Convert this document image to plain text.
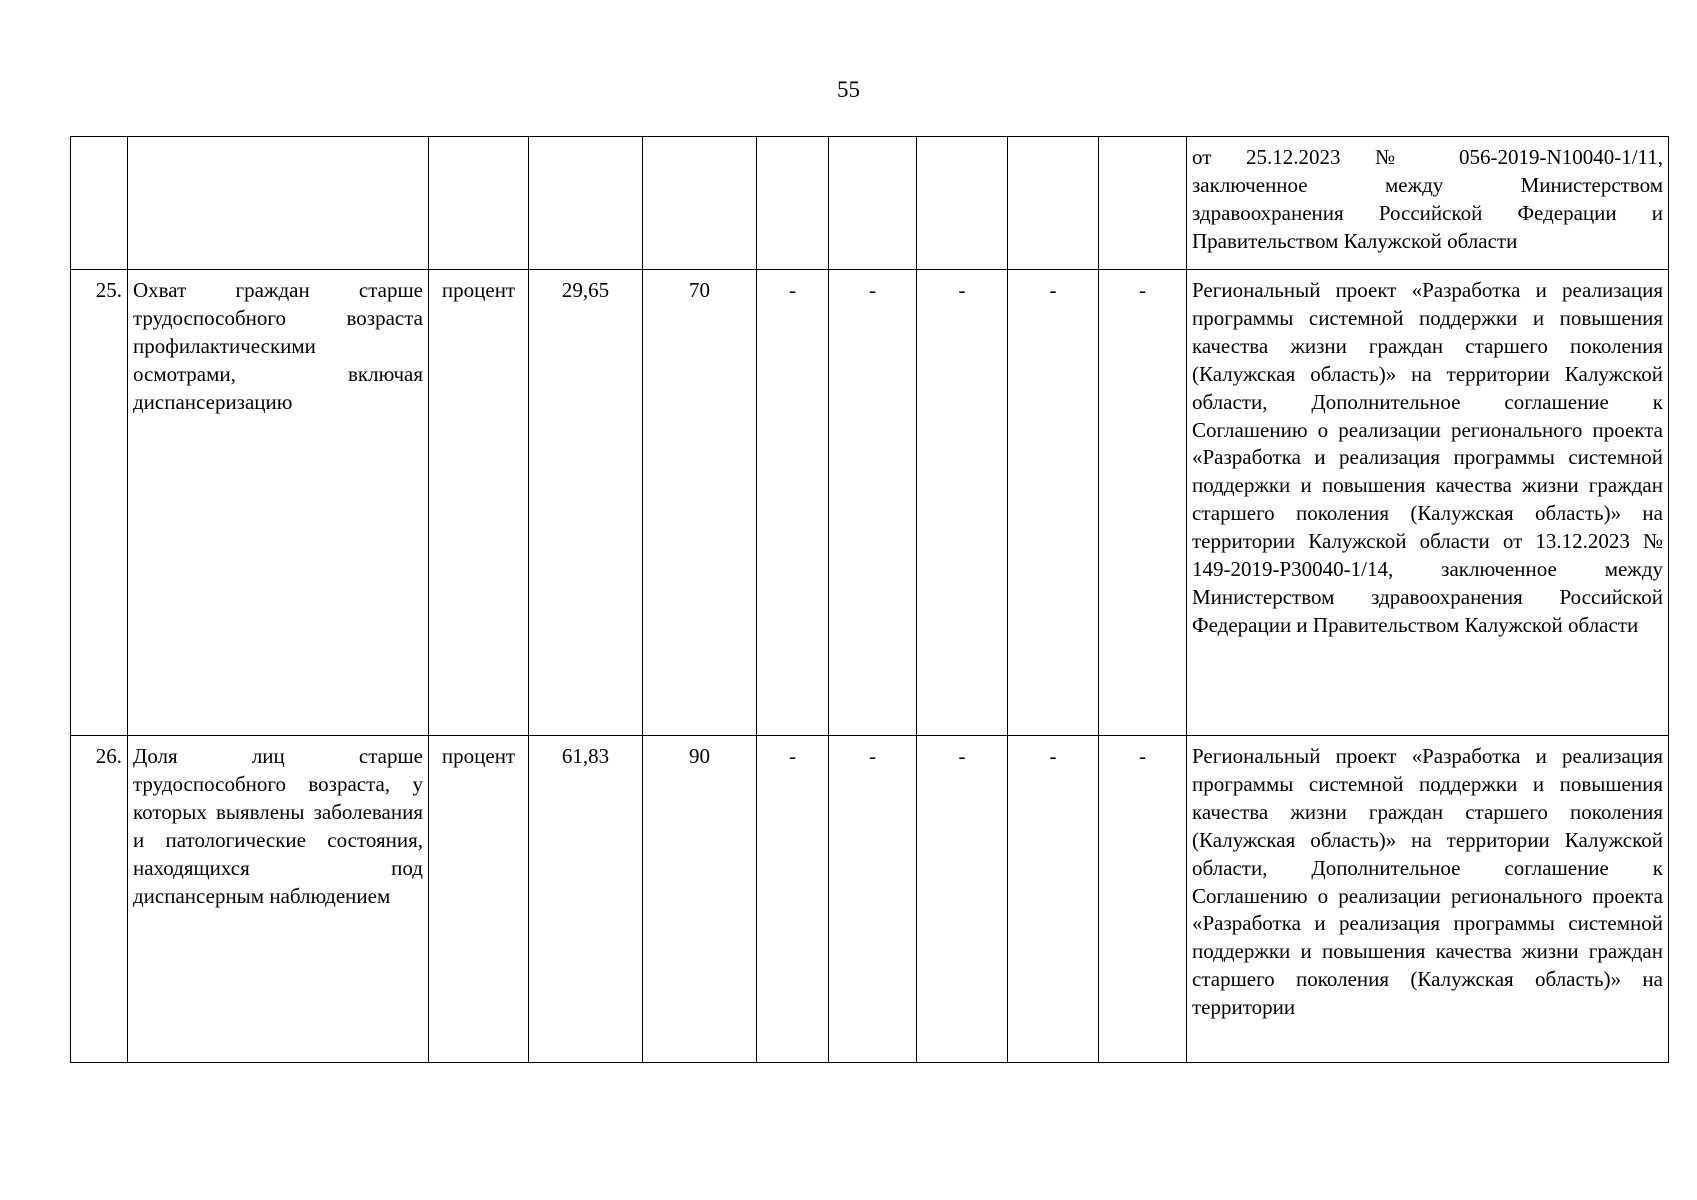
55

										от 25.12.2023 № 056-2019-N10040-1/11, заключенное между Министерством здравоохранения Российской Федерации и Правительством Калужской области

25.	Охват граждан старше трудоспособного возраста профилактическими осмотрами, включая диспансеризацию	процент	29,65	70	-	-	-	-	-	Региональный проект «Разработка и реализация программы системной поддержки и повышения качества жизни граждан старшего поколения (Калужская область)» на территории Калужской области, Дополнительное соглашение к Соглашению о реализации регионального проекта «Разработка и реализация программы системной поддержки и повышения качества жизни граждан старшего поколения (Калужская область)» на территории Калужской области от 13.12.2023 № 149-2019-P30040-1/14, заключенное между Министерством здравоохранения Российской Федерации и Правительством Калужской области

26.	Доля лиц старше трудоспособного возраста, у которых выявлены заболевания и патологические состояния, находящихся под диспансерным наблюдением	процент	61,83	90	-	-	-	-	-	Региональный проект «Разработка и реализация программы системной поддержки и повышения качества жизни граждан старшего поколения (Калужская область)» на территории Калужской области, Дополнительное соглашение к Соглашению о реализации регионального проекта «Разработка и реализация программы системной поддержки и повышения качества жизни граждан старшего поколения (Калужская область)» на территории
